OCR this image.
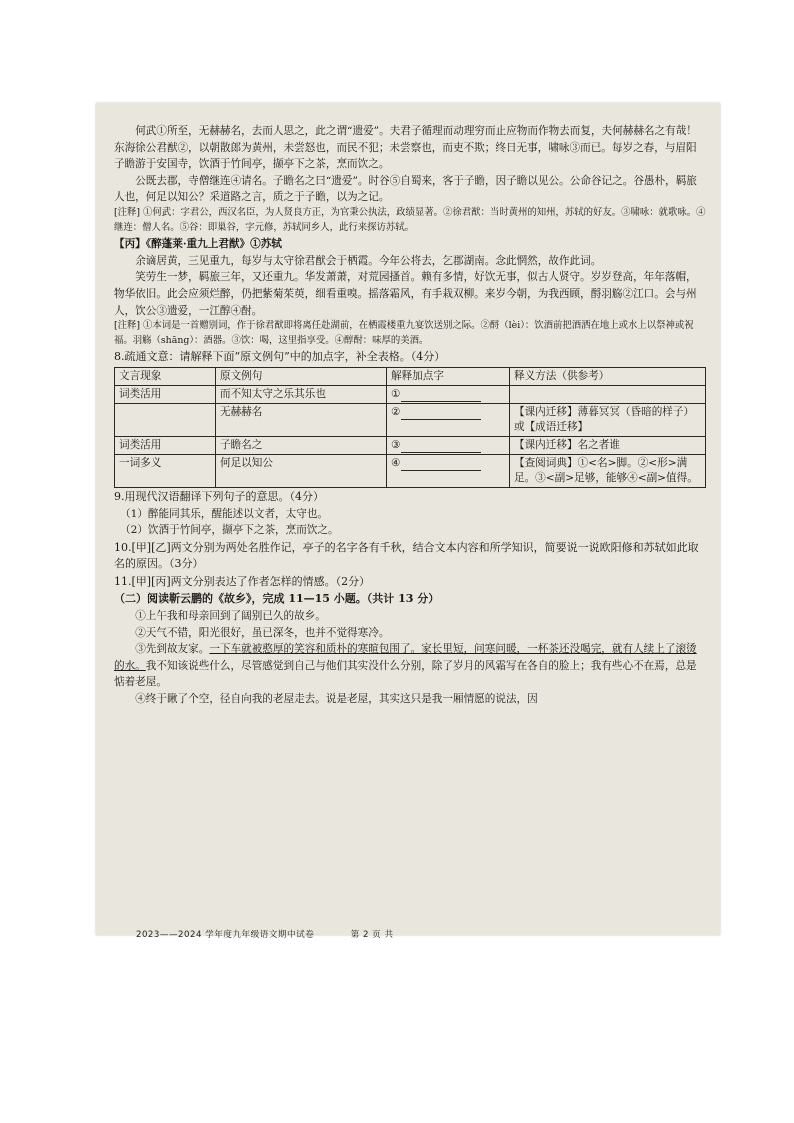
何武①所至，无赫赫名，去而人思之，此之谓“遗爱”。夫君子循理而动理穷而止应物而作物去而复，夫何赫赫名之有哉！东海徐公君猷②，以朝散郎为黄州，未尝怒也，而民不犯；未尝察也，而吏不欺；终日无事，啸咏③而已。每岁之春，与眉阳子瞻游于安国寺，饮酒于竹间亭，撷亭下之茶，烹而饮之。

公既去郡，寺僧继连④请名。子瞻名之曰“遗爱”。时谷⑤自蜀来，客于子瞻，因子瞻以见公。公命谷记之。谷愚朴，羁旅人也，何足以知公？采道路之言，质之于子瞻，以为之记。

[注释] ①何武：字君公，西汉名臣，为人贤良方正，为官秉公执法，政绩显著。②徐君猷：当时黄州的知州，苏轼的好友。③啸咏：就歌咏。④继连：僧人名。⑤谷：即巢谷，字元修，苏轼同乡人，此行来探访苏轼。

【丙】《醉蓬莱·重九上君猷》①苏轼

余谪居黄，三见重九，每岁与太守徐君猷会于栖霞。今年公将去，乞郡湖南。念此惘然，故作此词。

笑劳生一梦，羁旅三年，又还重九。华发萧萧，对荒园搔首。赖有多情，好饮无事，似古人贤守。岁岁登高，年年落帽，物华依旧。此会应须烂醉，仍把紫菊茱萸，细看重嗅。摇落霜风，有手栽双柳。来岁今朝，为我西顾，酹羽觞②江口。会与州人，饮公③遗爱，一江醇④酎。

[注释] ①本词是一首赠别词，作于徐君猷即将离任赴湖前，在栖霞楼重九宴饮送别之际。②酹（lèi）：饮酒前把酒洒在地上或水上以祭神或祝福。羽觞（shāng）：酒器。③饮：喝，这里指享受。④醇酎：味厚的美酒。

8.疏通文意：请解释下面“原文例句”中的加点字，补全表格。（4分）

文言现象	原文例句	解释加点字	释义方法（供参考）
词类活用	而不知太守之乐其乐也	①	
	无赫赫名	②	【课内迁移】薄暮冥冥（昏暗的样子）或【成语迁移】
词类活用	子瞻名之	③	【课内迁移】名之者谁
一词多义	何足以知公	④	【查阅词典】①<名>脚。②<形>满足。③<副>足够，能够④<副>值得。

9.用现代汉语翻译下列句子的意思。（4分）

（1）醉能同其乐，醒能述以文者，太守也。

（2）饮酒于竹间亭，撷亭下之茶，烹而饮之。

10.[甲][乙]两文分别为两处名胜作记，亭子的名字各有千秋，结合文本内容和所学知识，简要说一说欧阳修和苏轼如此取名的原因。（3分）

11.[甲][丙]两文分别表达了作者怎样的情感。（2分）

（二）阅读靳云鹏的《故乡》，完成 11—15 小题。（共计 13 分）

①上午我和母亲回到了阔别已久的故乡。

②天气不错，阳光很好，虽已深冬，也并不觉得寒冷。

③先到故友家。一下车就被憨厚的笑容和质朴的寒暄包围了。家长里短，问寒问暖，一杯茶还没喝完，就有人续上了滚烫的水。我不知该说些什么，尽管感觉到自己与他们其实没什么分别，除了岁月的风霜写在各自的脸上；我有些心不在焉，总是惦着老屋。

④终于瞅了个空，径自向我的老屋走去。说是老屋，其实这只是我一厢情愿的说法，因

2023——2024 学年度九年级语文期中试卷　　　　第 2 页 共
